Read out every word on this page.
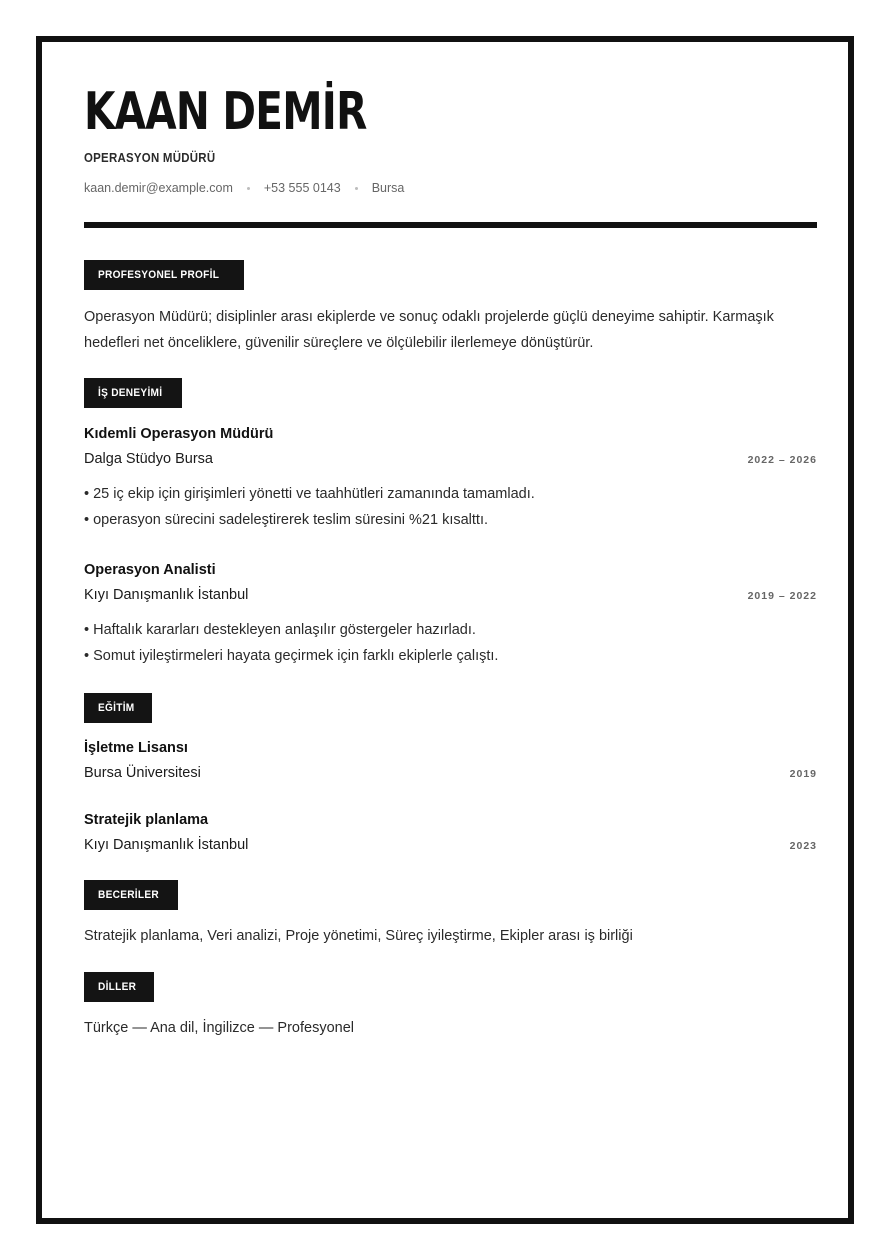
KAAN DEMİR
OPERASYON MÜDÜRÜ
kaan.demir@example.com +53 555 0143 Bursa
PROFESYONEL PROFİL
Operasyon Müdürü; disiplinler arası ekiplerde ve sonuç odaklı projelerde güçlü deneyime sahiptir. Karmaşık hedefleri net önceliklere, güvenilir süreçlere ve ölçülebilir ilerlemeye dönüştürür.
İŞ DENEYİMİ
Kıdemli Operasyon Müdürü
Dalga Stüdyo Bursa	2022 – 2026
• 25 iç ekip için girişimleri yönetti ve taahhütleri zamanında tamamladı.
• operasyon sürecini sadeleştirerek teslim süresini %21 kısalttı.
Operasyon Analisti
Kıyı Danışmanlık İstanbul	2019 – 2022
• Haftalık kararları destekleyen anlaşılır göstergeler hazırladı.
• Somut iyileştirmeleri hayata geçirmek için farklı ekiplerle çalıştı.
EĞİTİM
İşletme Lisansı
Bursa Üniversitesi	2019
Stratejik planlama
Kıyı Danışmanlık İstanbul	2023
BECERİLER
Stratejik planlama, Veri analizi, Proje yönetimi, Süreç iyileştirme, Ekipler arası iş birliği
DİLLER
Türkçe — Ana dil, İngilizce — Profesyonel
